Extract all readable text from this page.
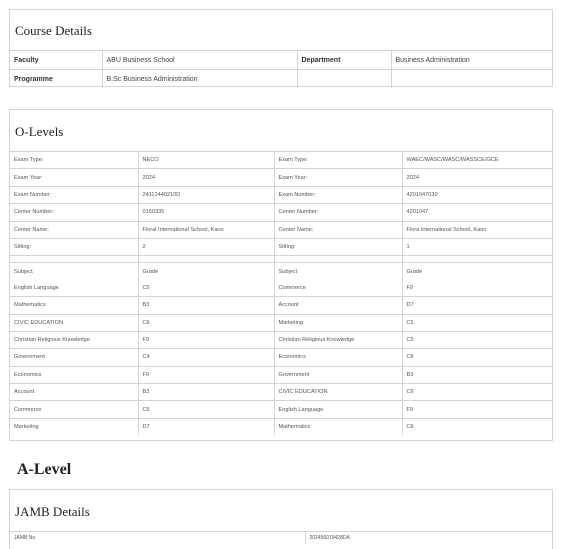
Course Details
Faculty	ABU Business School	Department	Business Administration
Programme	B.Sc Business Administration		
O-Levels
Exam Type:	NECO	Exam Type:	WAEC/WASC/WASC/WASSCE/GCE
Exam Year:	2024	Exam Year:	2024
Exam Number:	24112440210D	Exam Number:	4201047030
Center Number:	0150335	Center Number:	4201047
Center Name:	Floral International School, Kano	Center Name:	Flora International School, Kano
Sitting:	2	Sitting:	1

Subject	Grade	Subject	Grade
English Language	C5	Commerce	F9
Mathematics	B3	Account	D7
CIVIC EDUCATION	C6	Marketing	C5
Christian Religious Knowledge	F9	Christian Religious Knowledge	C5
Government	C4	Economics	C6
Economics	F9	Government	B3
Account	B3	CIVIC EDUCATION	C6
Commerce	C6	English Language	F9
Marketing	D7	Mathematics	C6
A-Level
JAMB Details
JAMB No	202456019428DA
